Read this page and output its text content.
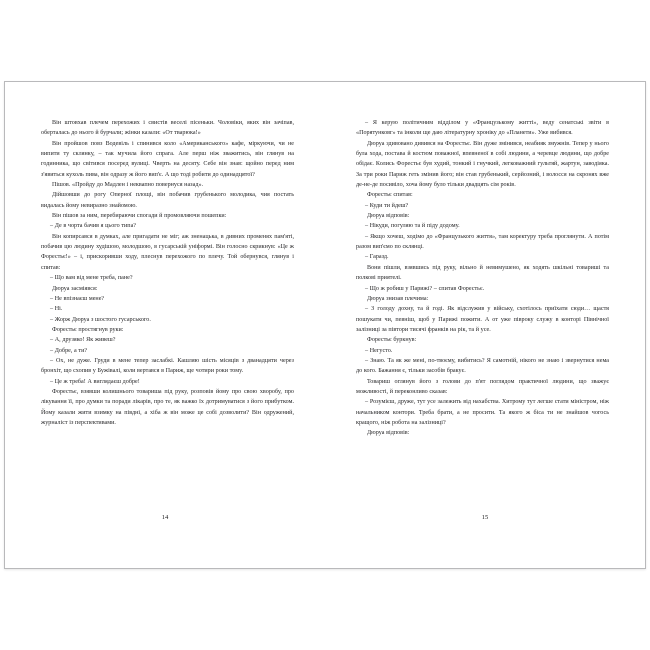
Він штовхав плечем перехожих і свистів веселі пісеньки. Чоловіки, яких він зачіпав, оберталась до нього й бурчали; жінки казали: «От тварюка!»

Він пройшов повз Водевіль і спинився коло «Американського» кафе, міркуючи, чи не випити ту склянку, – так мучила його спрага. Але перш ніж зважитись, він глянув на годинника, що світився посеред вулиці. Чверть на десяту. Себе він знав: щойно перед ним з'явиться кухоль пива, він одразу ж його вип'є. А що тоді робити до одинадцятої?

Пішов. «Пройду до Мадлен і неквапно повернуся назад».

Дійшовши до рогу Оперної площі, він побачив грубенького молодика, чия постать видалась йому невиразно знайомою.

Він пішов за ним, перебираючи спогади й промовляючи пошепки:

– Де в чорта бачив я цього типа?

Він копирсався в думках, але пригадати не міг; аж зненацька, в дивних променях пам'яті, побачив цю людину худішою, молодшою, в гусарській уніформі. Він голосно скрикнув: «Це ж Форестьє!» – і, прискоривши ходу, плеснув перехожого по плечу. Той обернувся, глянув і спитав:

– Що вам від мене треба, пане?

Дюруа засміявся:

– Не впізнаєш мене?

– Ні.

– Жорж Дюруа з шостого гусарського.

Форестьє простягнув руки:

– А, друзяко! Як живеш?

– Добре, а ти?

– Ох, не дуже. Груди в мене тепер заслабкі. Кашляю шість місяців з дванадцяти через бронхіт, що схопив у Бужівалі, коли вертався в Париж, ще чотири роки тому.

– Це ж треба! А виглядаєш добре!

Форестьє, взявши колишнього товариша під руку, розповів йому про свою хворобу, про лікування її, про думки та поради лікарів, про те, як важко їх дотримуватися з його прибутком. Йому казали жити взимку на півдні, а хіба ж він може це собі дозволити? Він одружений, журналіст із перспективами.

14

– Я керую політичним відділом у «Французькому житті», веду сенатські звіти в «Порятунковг» та інколи ще даю літературну хроніку до «Планети». Уже вибився.

Дюруа здивовано дивився на Форестьє. Він дуже змінився, неабияк змужнів. Тепер у нього була хода, постава й костюм поважної, впевненої в собі людини, а черевце людини, що добре обідає. Колись Форестьє був худий, тонкий і гнучкий, легковажний гультяй, жартун, заводіяка. За три роки Париж геть змінив його; він став грубенький, серйозний, і волосся на скронях вже де-не-де посивіло, хоча йому було тільки двадцять сім років.

Форестьє спитав:

– Куди ти йдеш?

Дюруа відповів:

– Нікуди, погуляю та й піду додому.

– Якщо хочеш, ходімо до «Французького життя», там коректуру треба проглянути. А потім разом вип'ємо по склянці.

– Гаразд.

Вони пішли, взявшись під руку, вільно й невимушено, як ходять шкільні товариші та полкові приятелі.

– Що ж робиш у Парижі? – спитав Форестьє.

Дюруа знизав плечима:

– З голоду дохну, та й годі. Як відслужив у війську, схотілось приїхати сюди… щастя пошукати чи, певніш, щоб у Парижі пожити. А от уже півроку служу в конторі Північної залізниці за півтори тисячі франків на рік, та й усе.

Форестьє буркнув:

– Негусто.

– Знаю. Та як же мені, по-твоєму, вибитись? Я самотній, нікого не знаю і звернутися нема до кого. Бажання є, тільки засобів бракує.

Товариш оглянув його з голови до п'ят поглядом практичної людини, що зважує можливості, й переконливо сказав:

– Розумієш, друже, тут усе залежить від нахабства. Хитрому тут легше стати міністром, ніж начальником контори. Треба брати, а не просити. Та якого ж біса ти не знайшов чогось кращого, ніж робота на залізниці?

Дюруа відповів:

15
